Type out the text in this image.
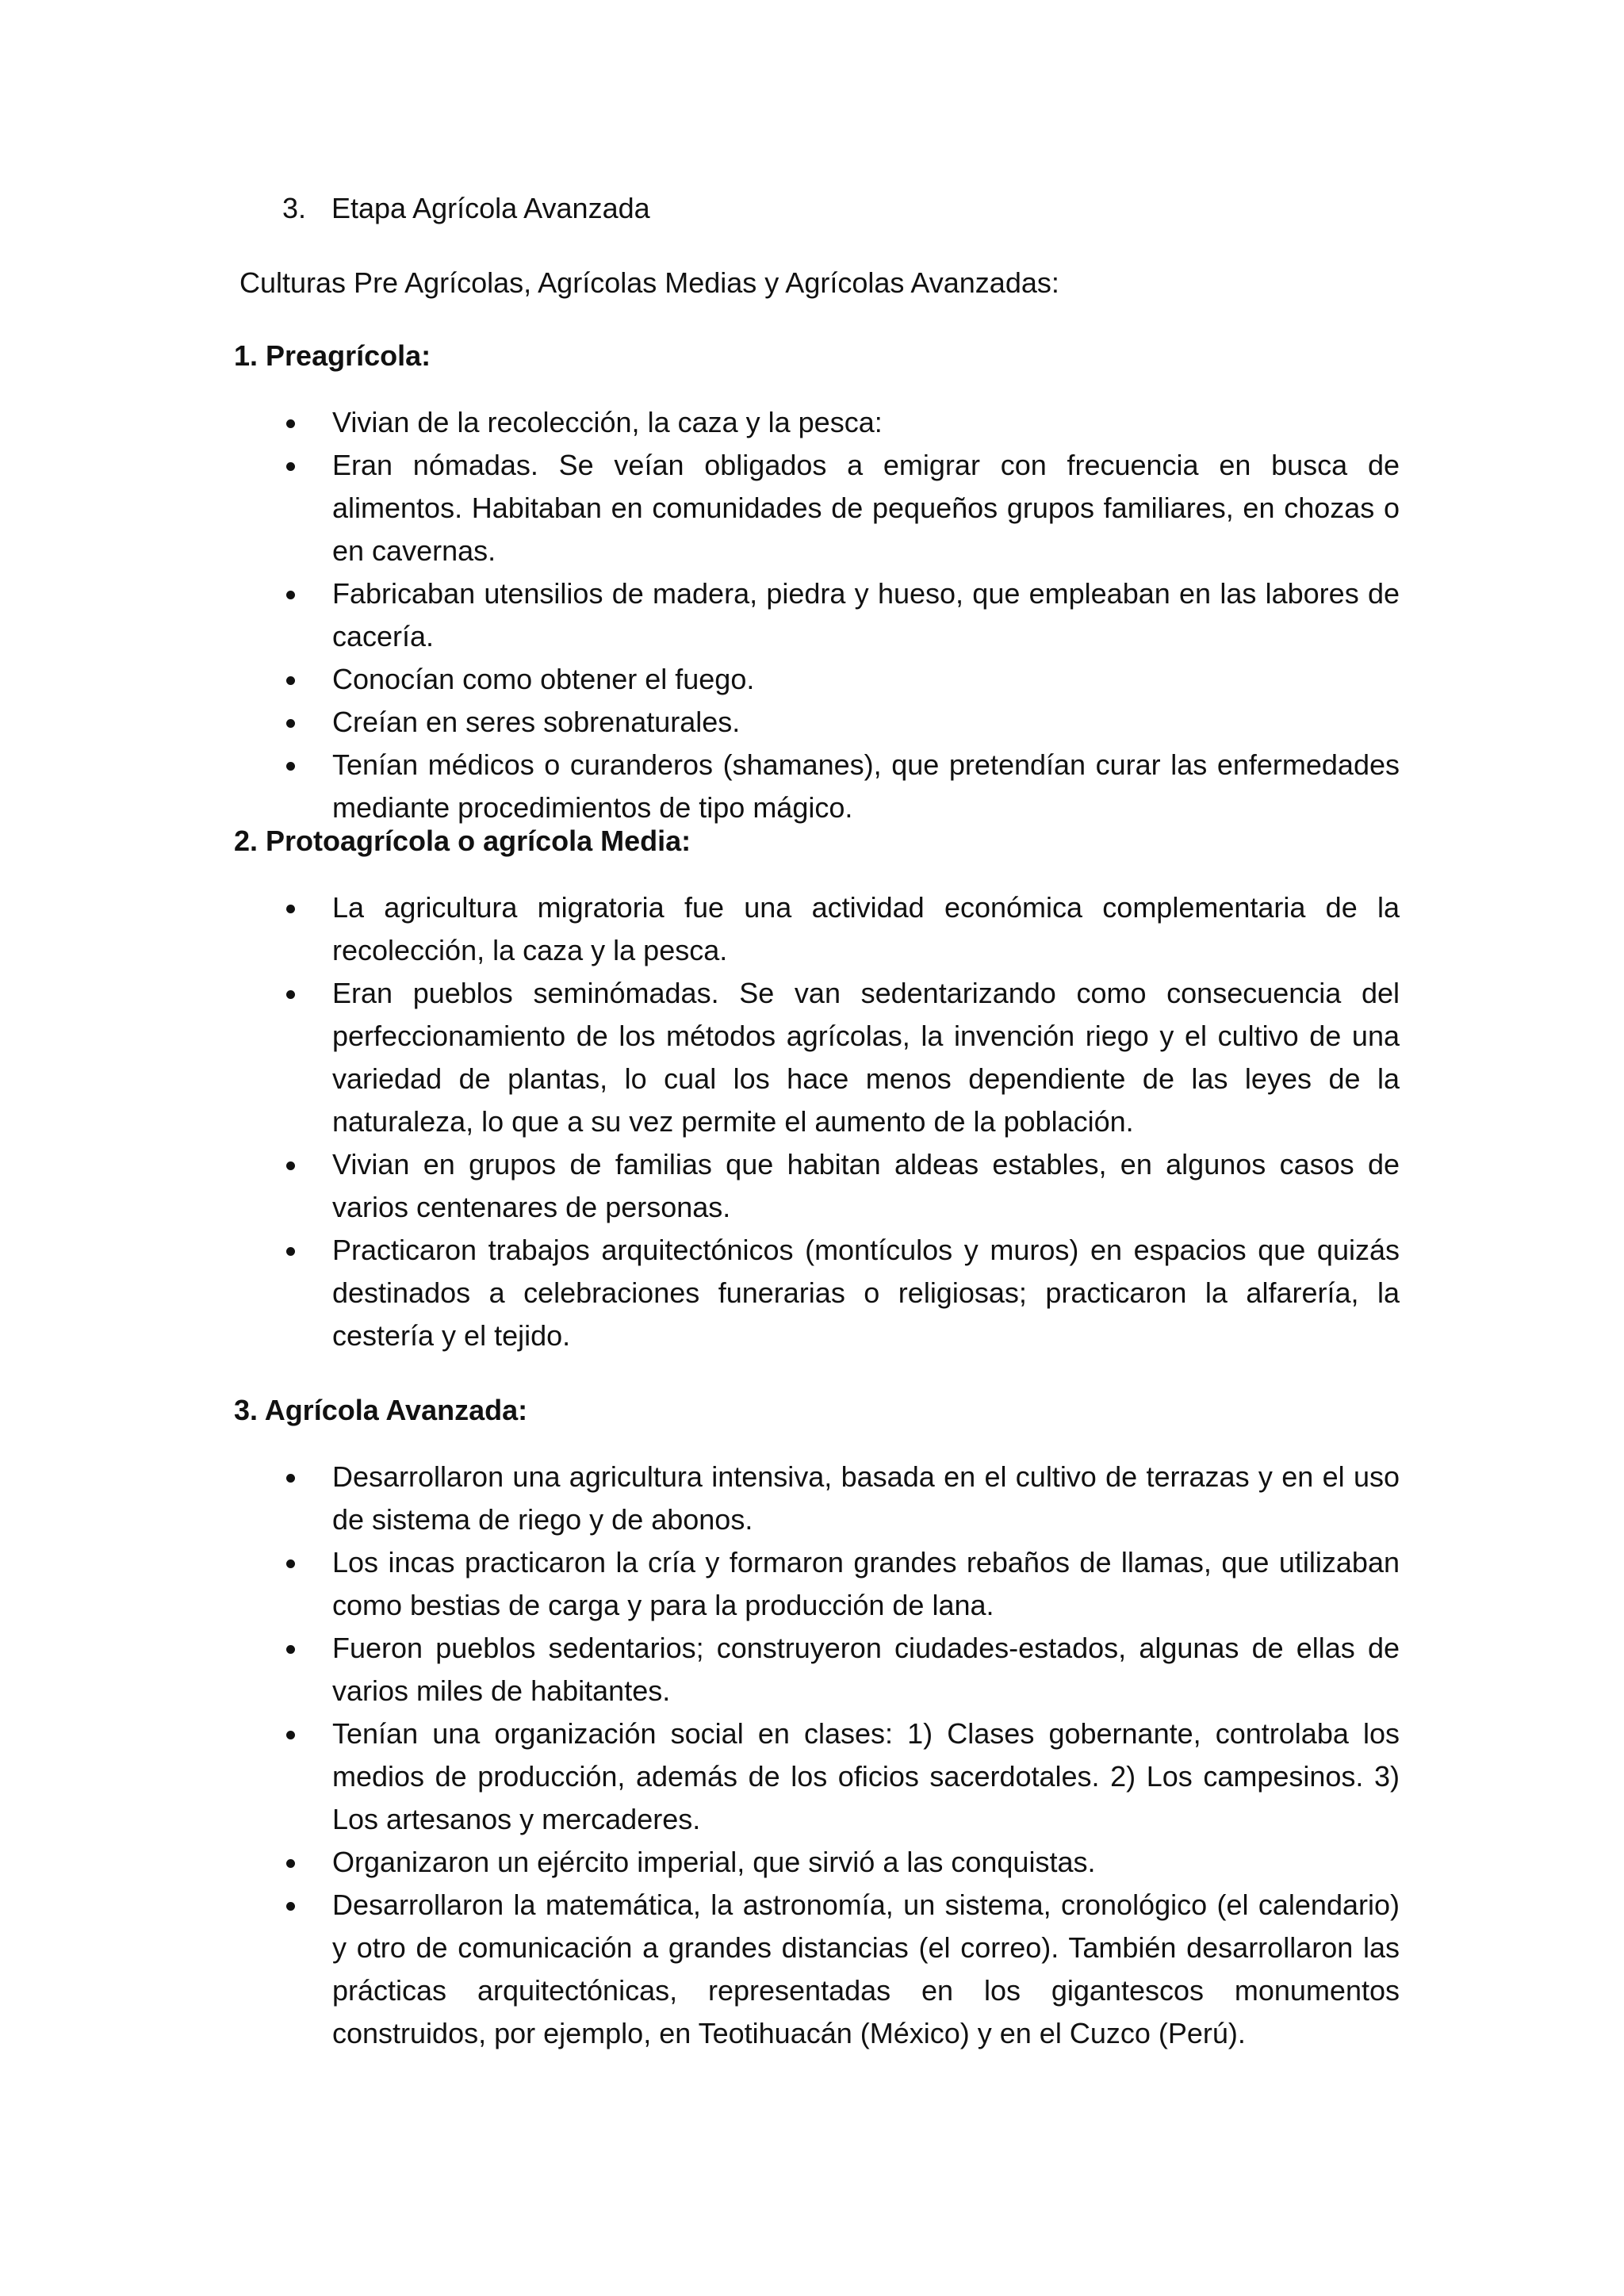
3. Etapa Agrícola Avanzada
Culturas Pre Agrícolas, Agrícolas Medias y Agrícolas Avanzadas:
1. Preagrícola:
Vivian de la recolección, la caza y la pesca:
Eran nómadas. Se veían obligados a emigrar con frecuencia en busca de alimentos. Habitaban en comunidades de pequeños grupos familiares, en chozas o en cavernas.
Fabricaban utensilios de madera, piedra y hueso, que empleaban en las labores de cacería.
Conocían como obtener el fuego.
Creían en seres sobrenaturales.
Tenían médicos o curanderos (shamanes), que pretendían curar las enfermedades mediante procedimientos de tipo mágico.
2. Protoagrícola o agrícola Media:
La agricultura migratoria fue una actividad económica complementaria de la recolección, la caza y la pesca.
Eran pueblos seminómadas. Se van sedentarizando como consecuencia del perfeccionamiento de los métodos agrícolas, la invención riego y el cultivo de una variedad de plantas, lo cual los hace menos dependiente de las leyes de la naturaleza, lo que a su vez permite el aumento de la población.
Vivian en grupos de familias que habitan aldeas estables, en algunos casos de varios centenares de personas.
Practicaron trabajos arquitectónicos (montículos y muros) en espacios que quizás destinados a celebraciones funerarias o religiosas; practicaron la alfarería, la cestería y el tejido.
3. Agrícola Avanzada:
Desarrollaron una agricultura intensiva, basada en el cultivo de terrazas y en el uso de sistema de riego y de abonos.
Los incas practicaron la cría y formaron grandes rebaños de llamas, que utilizaban como bestias de carga y para la producción de lana.
Fueron pueblos sedentarios; construyeron ciudades-estados, algunas de ellas de varios miles de habitantes.
Tenían una organización social en clases: 1) Clases gobernante, controlaba los medios de producción, además de los oficios sacerdotales. 2) Los campesinos. 3) Los artesanos y mercaderes.
Organizaron un ejército imperial, que sirvió a las conquistas.
Desarrollaron la matemática, la astronomía, un sistema, cronológico (el calendario) y otro de comunicación a grandes distancias (el correo). También desarrollaron las prácticas arquitectónicas, representadas en los gigantescos monumentos construidos, por ejemplo, en Teotihuacán (México) y en el Cuzco (Perú).
